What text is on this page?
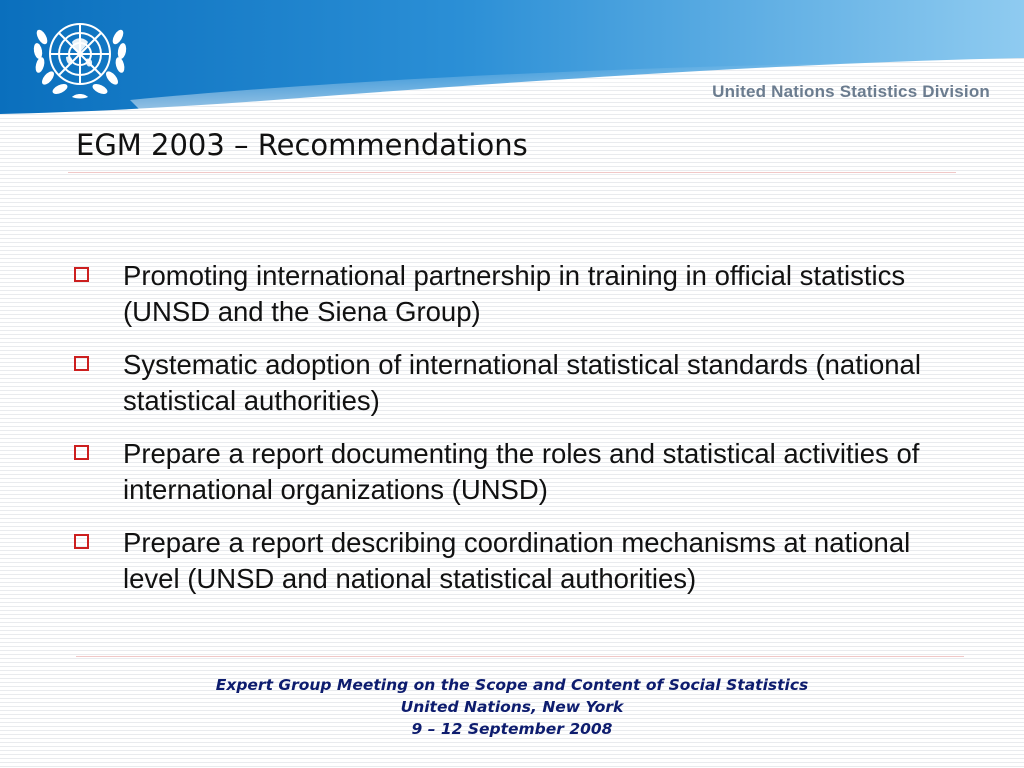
United Nations Statistics Division
EGM 2003 – Recommendations
Promoting international partnership in training in official statistics (UNSD and the Siena Group)
Systematic adoption of international statistical standards (national statistical authorities)
Prepare a report documenting the roles and statistical activities of international organizations (UNSD)
Prepare a report describing coordination mechanisms at national level (UNSD and national statistical authorities)
Expert Group Meeting on the Scope and Content of Social Statistics
United Nations, New York
9 – 12 September 2008
